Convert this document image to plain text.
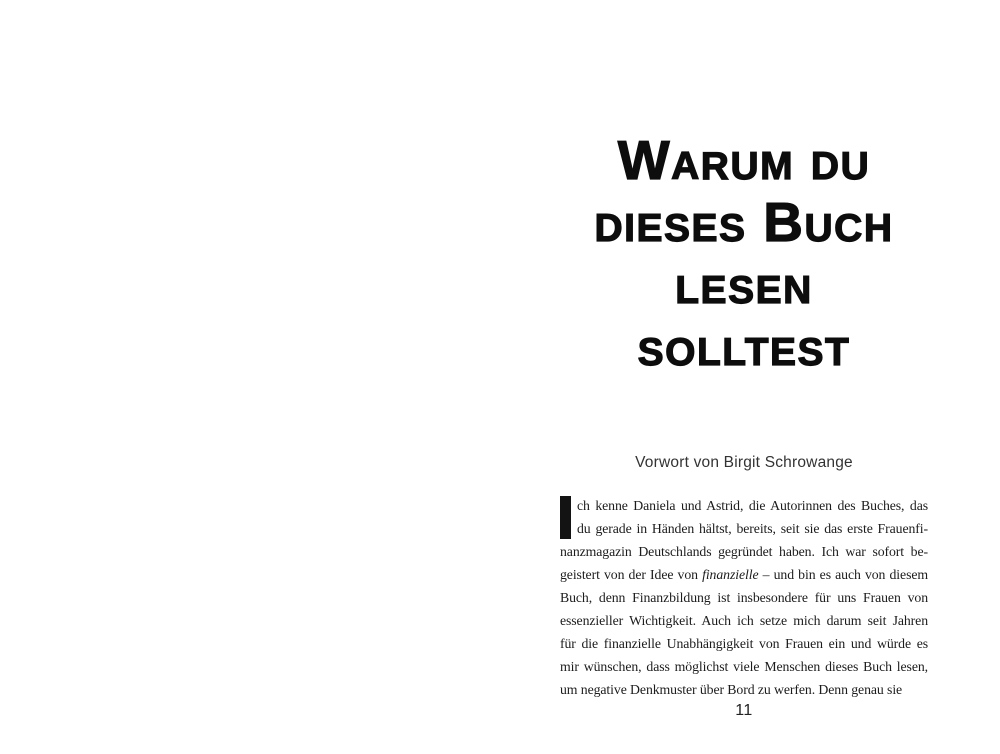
Warum du
dieses Buch
lesen
solltest
Vorwort von Birgit Schrowange
ch kenne Daniela und Astrid, die Autorinnen des Buches, das
du gerade in Händen hältst, bereits, seit sie das erste Frauenfi-
nanzmagazin Deutschlands gegründet haben. Ich war sofort be-
geistert von der Idee von finanzielle – und bin es auch von diesem
Buch, denn Finanzbildung ist insbesondere für uns Frauen von
essenzieller Wichtigkeit. Auch ich setze mich darum seit Jahren
für die finanzielle Unabhängigkeit von Frauen ein und würde es
mir wünschen, dass möglichst viele Menschen dieses Buch lesen,
um negative Denkmuster über Bord zu werfen. Denn genau sie
11
